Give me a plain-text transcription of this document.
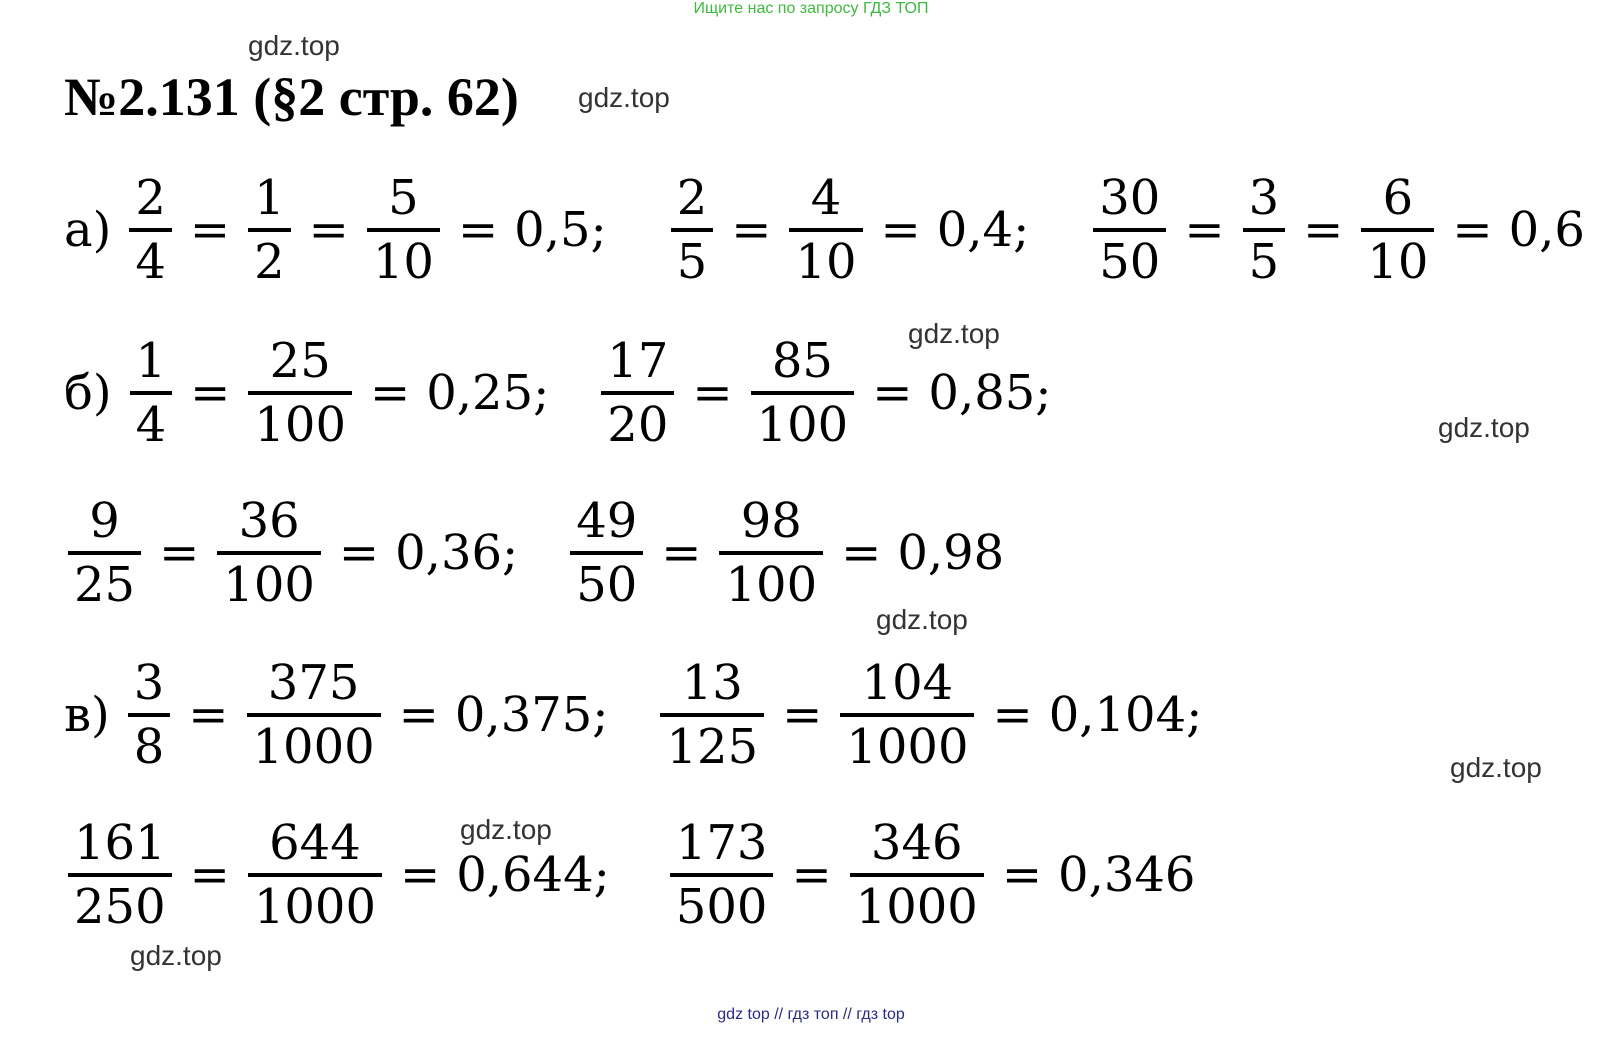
Ищите нас по запросу ГДЗ ТОП
gdz.top
№2.131 (§2 стр. 62) gdz.top
gdz.top
gdz.top
gdz.top
gdz.top
gdz.top
gdz.top
$а) \frac{2}{4} = \frac{1}{2} = \frac{5}{10} = 0,5$; $\frac{2}{5} = \frac{4}{10} = 0,4$; $\frac{30}{50} = \frac{3}{5} = \frac{6}{10} = 0,6$
$б) \frac{1}{4} = \frac{25}{100} = 0,25$; $\frac{17}{20} = \frac{85}{100} = 0,85$;
$\frac{9}{25} = \frac{36}{100} = 0,36$; $\frac{49}{50} = \frac{98}{100} = 0,98$
$в) \frac{3}{8} = \frac{375}{1000} = 0,375$; $\frac{13}{125} = \frac{104}{1000} = 0,104$;
$\frac{161}{250} = \frac{644}{1000} = 0,644$; $\frac{173}{500} = \frac{346}{1000} = 0,346$
gdz top // гдз топ // гдз top
